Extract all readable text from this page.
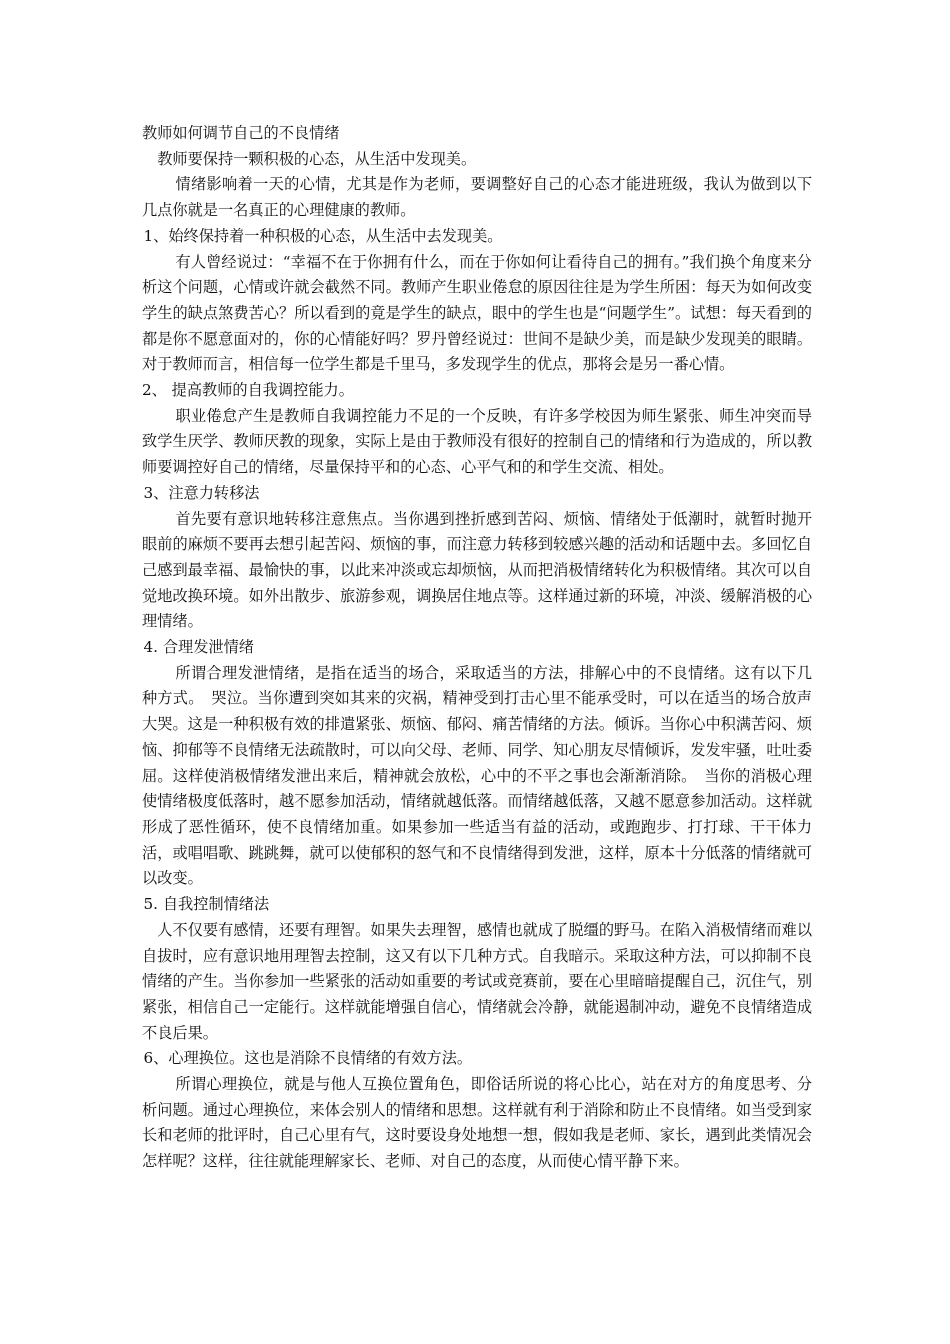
教师如何调节自己的不良情绪

教师要保持一颗积极的心态，从生活中发现美。

情绪影响着一天的心情，尤其是作为老师，要调整好自己的心态才能进班级，我认为做到以下几点你就是一名真正的心理健康的教师。

1、始终保持着一种积极的心态，从生活中去发现美。

有人曾经说过：“幸福不在于你拥有什么，而在于你如何让看待自己的拥有。”我们换个角度来分析这个问题，心情或许就会截然不同。教师产生职业倦怠的原因往往是为学生所困：每天为如何改变学生的缺点煞费苦心？所以看到的竟是学生的缺点，眼中的学生也是“问题学生”。试想：每天看到的都是你不愿意面对的，你的心情能好吗？罗丹曾经说过：世间不是缺少美，而是缺少发现美的眼睛。对于教师而言，相信每一位学生都是千里马，多发现学生的优点，那将会是另一番心情。

2、 提高教师的自我调控能力。

职业倦怠产生是教师自我调控能力不足的一个反映，有许多学校因为师生紧张、师生冲突而导致学生厌学、教师厌教的现象，实际上是由于教师没有很好的控制自己的情绪和行为造成的，所以教师要调控好自己的情绪，尽量保持平和的心态、心平气和的和学生交流、相处。

3、注意力转移法

首先要有意识地转移注意焦点。当你遇到挫折感到苦闷、烦恼、情绪处于低潮时，就暂时抛开眼前的麻烦不要再去想引起苦闷、烦恼的事，而注意力转移到较感兴趣的活动和话题中去。多回忆自己感到最幸福、最愉快的事，以此来冲淡或忘却烦恼，从而把消极情绪转化为积极情绪。其次可以自觉地改换环境。如外出散步、旅游参观，调换居住地点等。这样通过新的环境，冲淡、缓解消极的心理情绪。

4. 合理发泄情绪

所谓合理发泄情绪，是指在适当的场合，采取适当的方法，排解心中的不良情绪。这有以下几种方式。　哭泣。当你遭到突如其来的灾祸，精神受到打击心里不能承受时，可以在适当的场合放声大哭。这是一种积极有效的排遣紧张、烦恼、郁闷、痛苦情绪的方法。倾诉。当你心中积满苦闷、烦恼、抑郁等不良情绪无法疏散时，可以向父母、老师、同学、知心朋友尽情倾诉，发发牢骚，吐吐委屈。这样使消极情绪发泄出来后，精神就会放松，心中的不平之事也会渐渐消除。　当你的消极心理使情绪极度低落时，越不愿参加活动，情绪就越低落。而情绪越低落，又越不愿意参加活动。这样就形成了恶性循环，使不良情绪加重。如果参加一些适当有益的活动，或跑跑步、打打球、干干体力活，或唱唱歌、跳跳舞，就可以使郁积的怒气和不良情绪得到发泄，这样，原本十分低落的情绪就可以改变。

5. 自我控制情绪法

人不仅要有感情，还要有理智。如果失去理智，感情也就成了脱缰的野马。在陷入消极情绪而难以自拔时，应有意识地用理智去控制，这又有以下几种方式。自我暗示。采取这种方法，可以抑制不良情绪的产生。当你参加一些紧张的活动如重要的考试或竞赛前，要在心里暗暗提醒自己，沉住气，别紧张，相信自己一定能行。这样就能增强自信心，情绪就会冷静，就能遏制冲动，避免不良情绪造成不良后果。

6、心理换位。这也是消除不良情绪的有效方法。

所谓心理换位，就是与他人互换位置角色，即俗话所说的将心比心，站在对方的角度思考、分析问题。通过心理换位，来体会别人的情绪和思想。这样就有利于消除和防止不良情绪。如当受到家长和老师的批评时，自己心里有气，这时要设身处地想一想，假如我是老师、家长，遇到此类情况会怎样呢？这样，往往就能理解家长、老师、对自己的态度，从而使心情平静下来。
